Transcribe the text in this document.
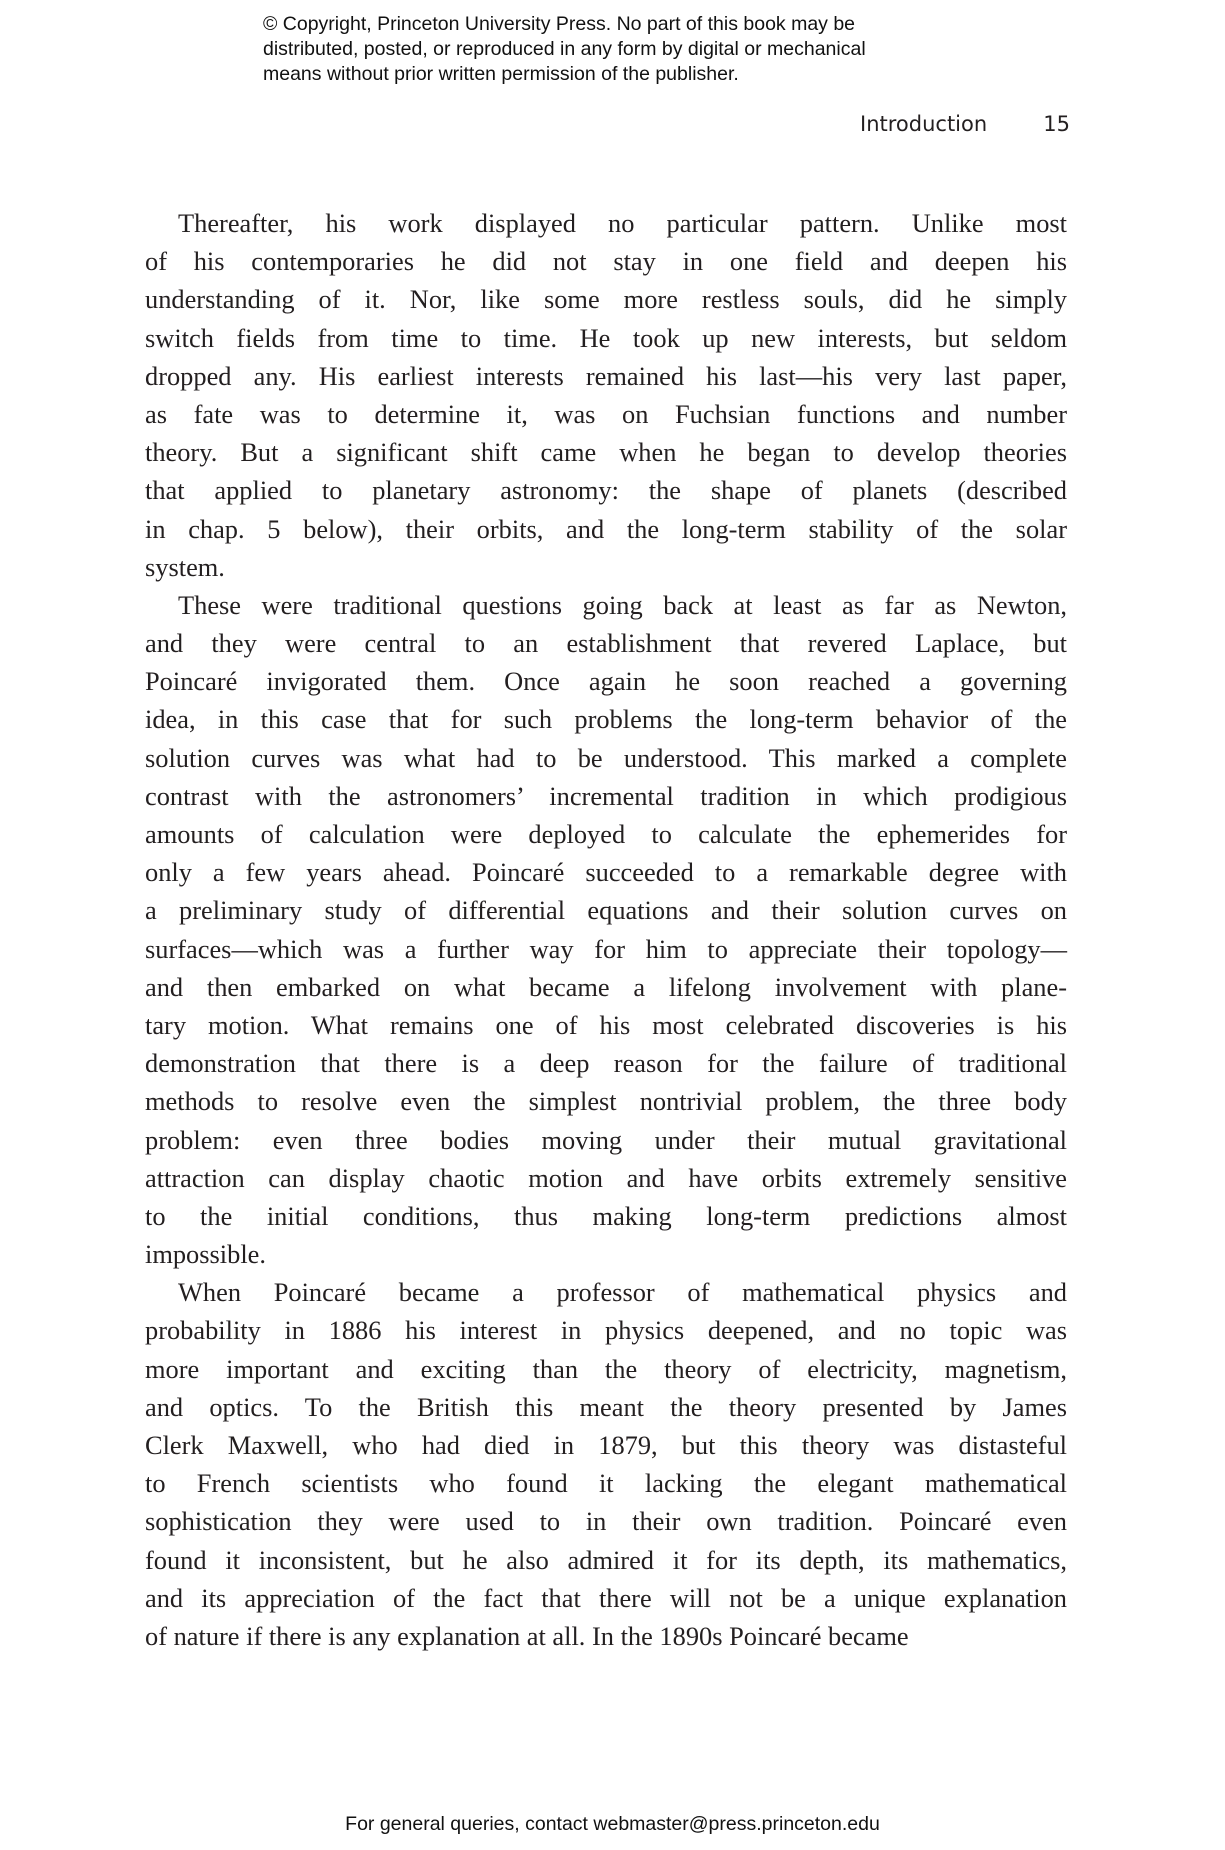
© Copyright, Princeton University Press. No part of this book may be
distributed, posted, or reproduced in any form by digital or mechanical
means without prior written permission of the publisher.
Introduction	15
Thereafter, his work displayed no particular pattern. Unlike most
of his contemporaries he did not stay in one field and deepen his
understanding of it. Nor, like some more restless souls, did he simply
switch fields from time to time. He took up new interests, but seldom
dropped any. His earliest interests remained his last—his very last paper,
as fate was to determine it, was on Fuchsian functions and number
theory. But a significant shift came when he began to develop theories
that applied to planetary astronomy: the shape of planets (described
in chap. 5 below), their orbits, and the long-term stability of the solar
system.
These were traditional questions going back at least as far as Newton,
and they were central to an establishment that revered Laplace, but
Poincaré invigorated them. Once again he soon reached a governing
idea, in this case that for such problems the long-term behavior of the
solution curves was what had to be understood. This marked a complete
contrast with the astronomers’ incremental tradition in which prodigious
amounts of calculation were deployed to calculate the ephemerides for
only a few years ahead. Poincaré succeeded to a remarkable degree with
a preliminary study of differential equations and their solution curves on
surfaces—which was a further way for him to appreciate their topology—
and then embarked on what became a lifelong involvement with plane-
tary motion. What remains one of his most celebrated discoveries is his
demonstration that there is a deep reason for the failure of traditional
methods to resolve even the simplest nontrivial problem, the three body
problem: even three bodies moving under their mutual gravitational
attraction can display chaotic motion and have orbits extremely sensitive
to the initial conditions, thus making long-term predictions almost
impossible.
When Poincaré became a professor of mathematical physics and
probability in 1886 his interest in physics deepened, and no topic was
more important and exciting than the theory of electricity, magnetism,
and optics. To the British this meant the theory presented by James
Clerk Maxwell, who had died in 1879, but this theory was distasteful
to French scientists who found it lacking the elegant mathematical
sophistication they were used to in their own tradition. Poincaré even
found it inconsistent, but he also admired it for its depth, its mathematics,
and its appreciation of the fact that there will not be a unique explanation
of nature if there is any explanation at all. In the 1890s Poincaré became
For general queries, contact webmaster@press.princeton.edu
